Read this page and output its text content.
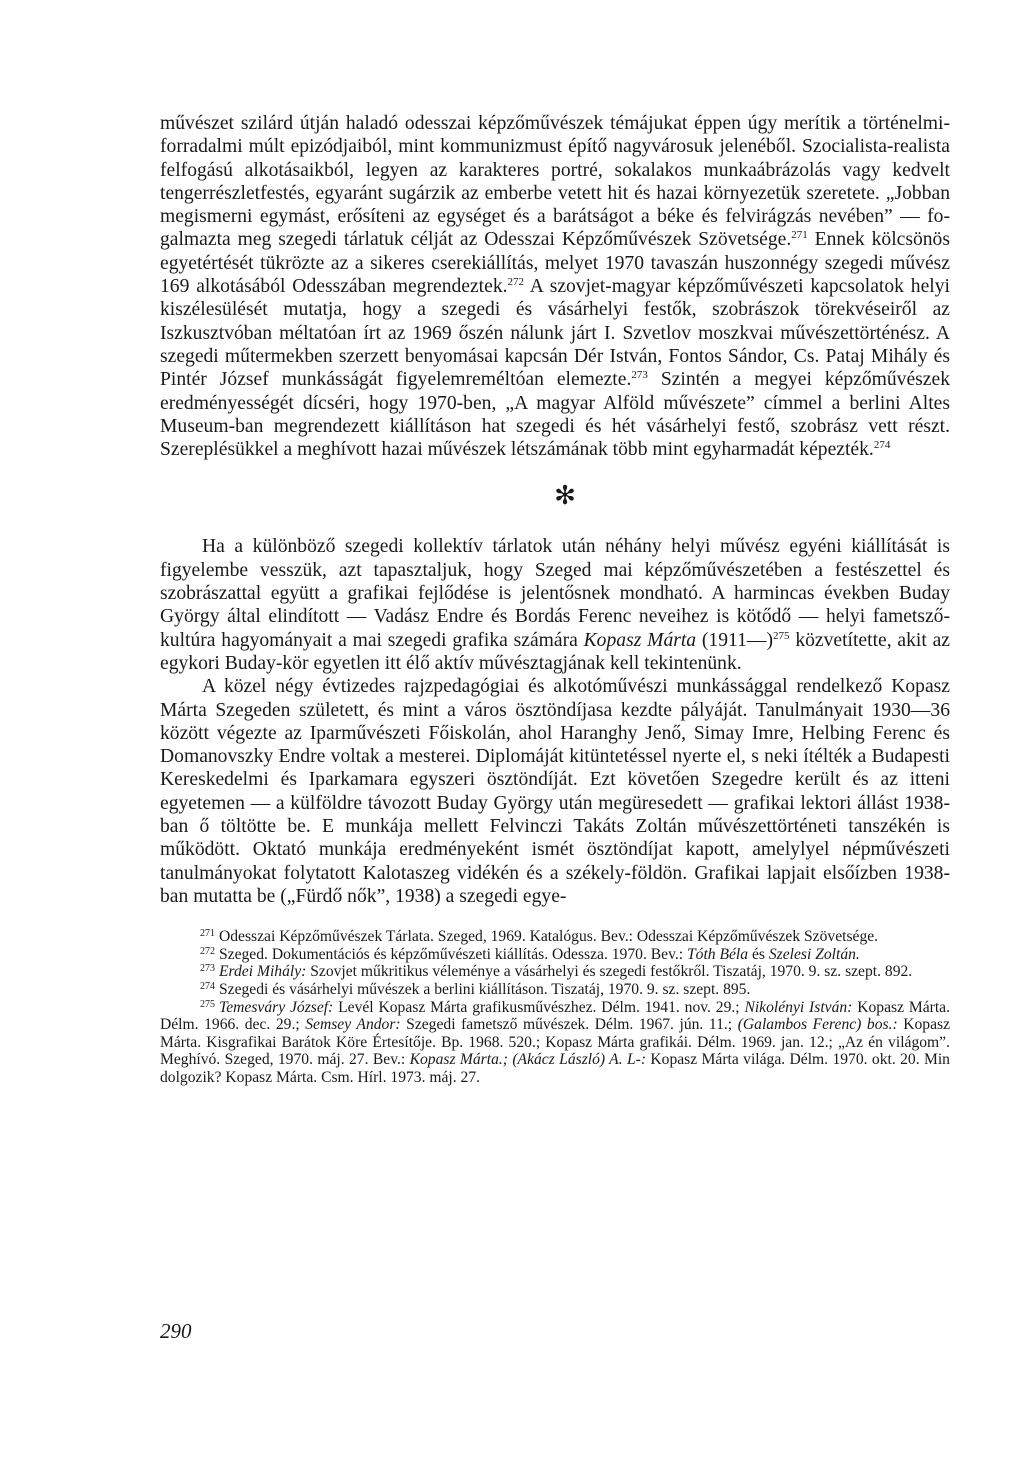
művészet szilárd útján haladó odesszai képzőművészek témájukat éppen úgy merítik a történelmi-forradalmi múlt epizódjaiból, mint kommunizmust építő nagyvárosuk jelenéből. Szocialista-realista felfogású alkotásaikból, legyen az karakteres portré, sokalakos munkaábrázolás vagy kedvelt tengerrészletfestés, egyaránt sugárzik az emberbe vetett hit és hazai környezetük szeretete. „Jobban megismerni egymást, erősíteni az egységet és a barátságot a béke és felvirágzás nevében” — fogalmazta meg szegedi tárlatuk célját az Odesszai Képzőművészek Szövetsége.$^{271}$ Ennek kölcsönös egyetértését tükrözte az a sikeres cserekiállítás, melyet 1970 tavaszán huszonnégy szegedi művész 169 alkotásából Odesszában megrendeztek.$^{272}$ A szovjet-magyar képzőművészeti kapcsolatok helyi kiszélesülését mutatja, hogy a szegedi és vásárhelyi festők, szobrászok törekvéseiről az Iszkusztvóban méltatóan írt az 1969 őszén nálunk járt I. Szvetlov moszkvai művészettörténész. A szegedi műtermekben szerzett benyomásai kapcsán Dér István, Fontos Sándor, Cs. Pataj Mihály és Pintér József munkásságát figyelemreméltóan elemezte.$^{273}$ Szintén a megyei képzőművészek eredményességét dícséri, hogy 1970-ben, „A magyar Alföld művészete” címmel a berlini Altes Museum-ban megrendezett kiállításon hat szegedi és hét vásárhelyi festő, szobrász vett részt. Szereplésükkel a meghívott hazai művészek létszámának több mint egyharmadát képezték.$^{274}$

✻

Ha a különböző szegedi kollektív tárlatok után néhány helyi művész egyéni kiállítását is figyelembe vesszük, azt tapasztaljuk, hogy Szeged mai képzőművészetében a festészettel és szobrászattal együtt a grafikai fejlődése is jelentősnek mondható. A harmincas években Buday György által elindított — Vadász Endre és Bordás Ferenc neveihez is kötődő — helyi fametsző-kultúra hagyományait a mai szegedi grafika számára Kopasz Márta (1911—)$^{275}$ közvetítette, akit az egykori Buday-kör egyetlen itt élő aktív művésztagjának kell tekintenünk.

A közel négy évtizedes rajzpedagógiai és alkotóművészi munkássággal rendelkező Kopasz Márta Szegeden született, és mint a város ösztöndíjasa kezdte pályáját. Tanulmányait 1930—36 között végezte az Iparművészeti Főiskolán, ahol Haranghy Jenő, Simay Imre, Helbing Ferenc és Domanovszky Endre voltak a mesterei. Diplomáját kitüntetéssel nyerte el, s neki ítélték a Budapesti Kereskedelmi és Iparkamara egyszeri ösztöndíját. Ezt követően Szegedre került és az itteni egyetemen — a külföldre távozott Buday György után megüresedett — grafikai lektori állást 1938-ban ő töltötte be. E munkája mellett Felvinczi Takáts Zoltán művészettörténeti tanszékén is működött. Oktató munkája eredményeként ismét ösztöndíjat kapott, amelylyel népművészeti tanulmányokat folytatott Kalotaszeg vidékén és a székely-földön. Grafikai lapjait elsőízben 1938-ban mutatta be („Fürdő nők”, 1938) a szegedi egye-

$^{271}$ Odesszai Képzőművészek Tárlata. Szeged, 1969. Katalógus. Bev.: Odesszai Képzőművészek Szövetsége.

$^{272}$ Szeged. Dokumentációs és képzőművészeti kiállítás. Odessza. 1970. Bev.: Tóth Béla és Szelesi Zoltán.

$^{273}$ Erdei Mihály: Szovjet műkritikus véleménye a vásárhelyi és szegedi festőkről. Tiszatáj, 1970. 9. sz. szept. 892.

$^{274}$ Szegedi és vásárhelyi művészek a berlini kiállításon. Tiszatáj, 1970. 9. sz. szept. 895.

$^{275}$ Temesváry József: Levél Kopasz Márta grafikusművészhez. Délm. 1941. nov. 29.; Nikolényi István: Kopasz Márta. Délm. 1966. dec. 29.; Semsey Andor: Szegedi fametsző művészek. Délm. 1967. jún. 11.; (Galambos Ferenc) bos.: Kopasz Márta. Kisgrafikai Barátok Köre Értesítője. Bp. 1968. 520.; Kopasz Márta grafikái. Délm. 1969. jan. 12.; „Az én világom”. Meghívó. Szeged, 1970. máj. 27. Bev.: Kopasz Márta.; (Akácz László) A. L-: Kopasz Márta világa. Délm. 1970. okt. 20. Min dolgozik? Kopasz Márta. Csm. Hírl. 1973. máj. 27.

290
